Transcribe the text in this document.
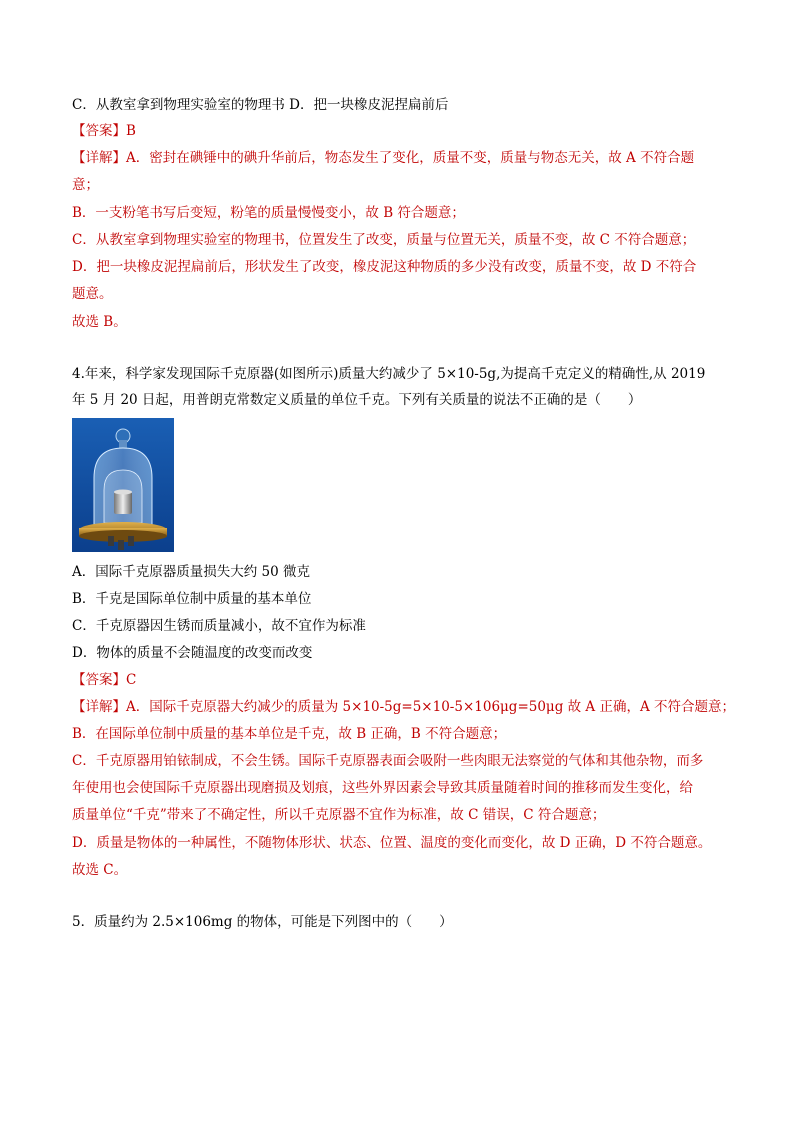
C．从教室拿到物理实验室的物理书 D．把一块橡皮泥捏扁前后
【答案】B
【详解】A．密封在碘锤中的碘升华前后，物态发生了变化，质量不变，质量与物态无关，故 A 不符合题
意；
B．一支粉笔书写后变短，粉笔的质量慢慢变小，故 B 符合题意；
C．从教室拿到物理实验室的物理书，位置发生了改变，质量与位置无关，质量不变，故 C 不符合题意；
D．把一块橡皮泥捏扁前后，形状发生了改变，橡皮泥这种物质的多少没有改变，质量不变，故 D 不符合
题意。
故选 B。
4.年来，科学家发现国际千克原器(如图所示)质量大约减少了 5×10-5g,为提高千克定义的精确性,从 2019
年 5 月 20 日起，用普朗克常数定义质量的单位千克。下列有关质量的说法不正确的是（　　）
A．国际千克原器质量损失大约 50 微克
B．千克是国际单位制中质量的基本单位
C．千克原器因生锈而质量减小，故不宜作为标准
D．物体的质量不会随温度的改变而改变
【答案】C
【详解】A．国际千克原器大约减少的质量为 5×10-5g=5×10-5×106μg=50μg 故 A 正确，A 不符合题意；
B．在国际单位制中质量的基本单位是千克，故 B 正确，B 不符合题意；
C．千克原器用铂铱制成，不会生锈。国际千克原器表面会吸附一些肉眼无法察觉的气体和其他杂物，而多
年使用也会使国际千克原器出现磨损及划痕，这些外界因素会导致其质量随着时间的推移而发生变化，给
质量单位“千克”带来了不确定性，所以千克原器不宜作为标准，故 C 错误，C 符合题意；
D．质量是物体的一种属性，不随物体形状、状态、位置、温度的变化而变化，故 D 正确，D 不符合题意。
故选 C。
5．质量约为 2.5×106mg 的物体，可能是下列图中的（　　）
